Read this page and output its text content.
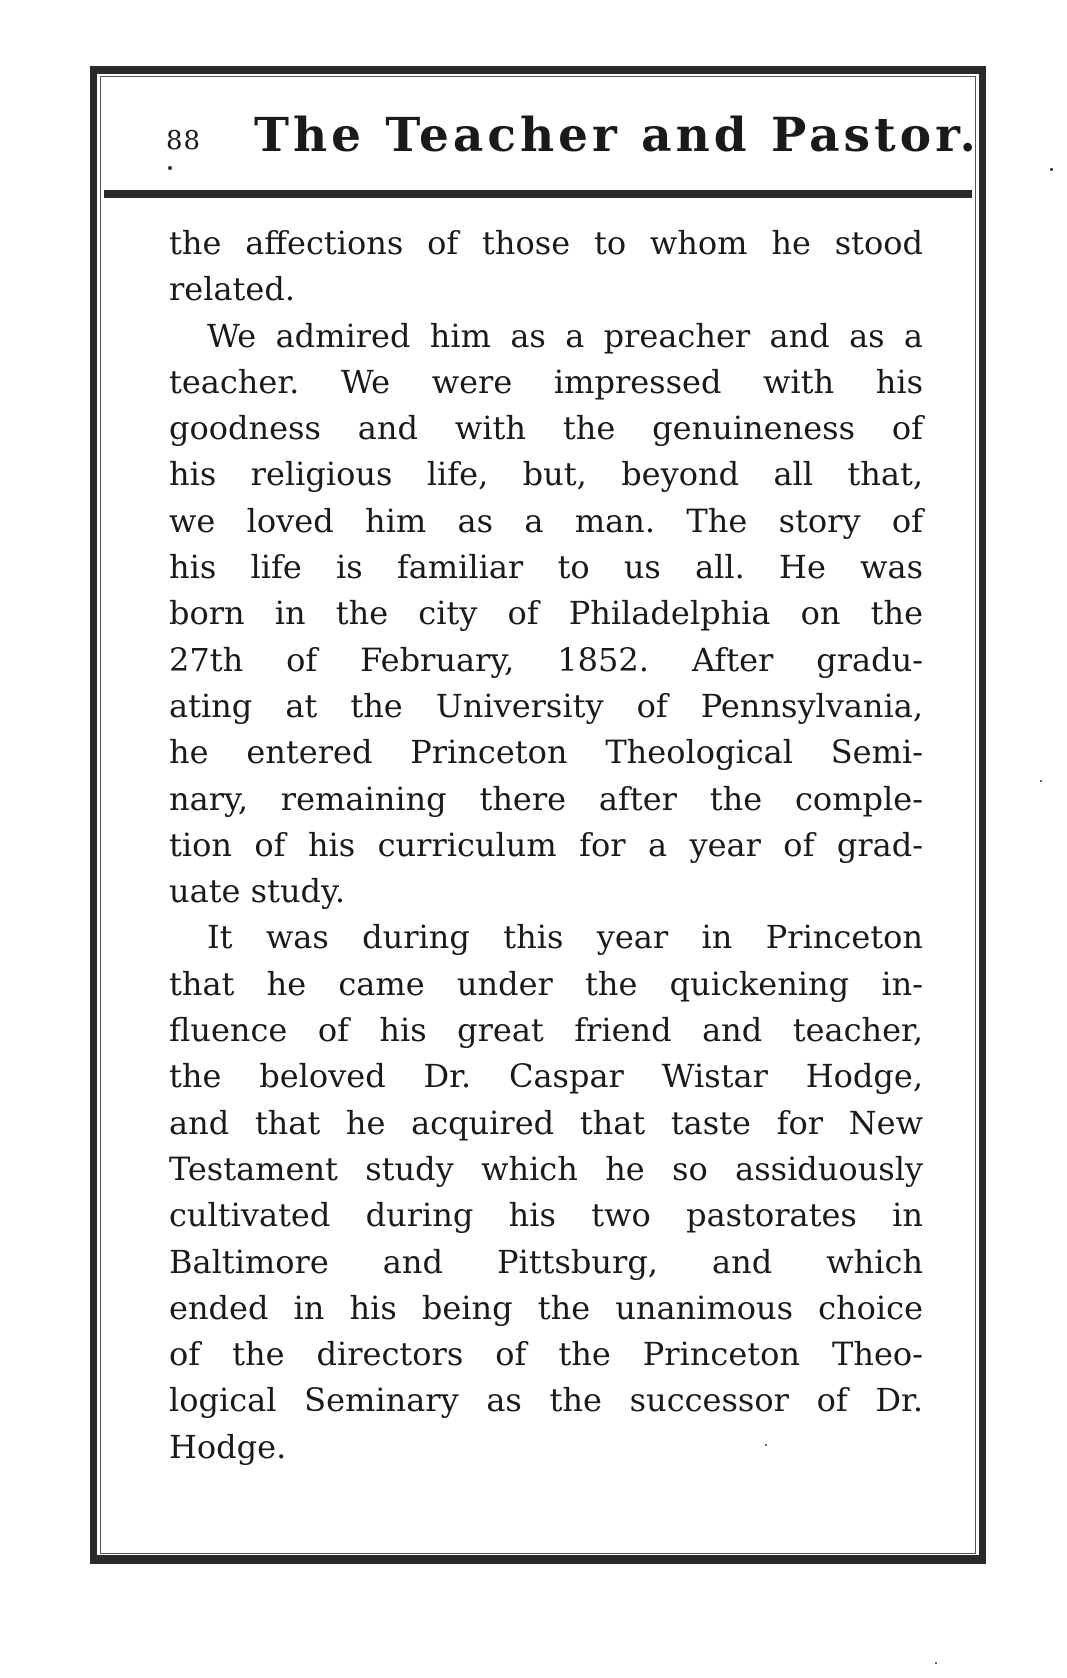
88 The Teacher and Pastor.
the affections of those to whom he stood
related.
We admired him as a preacher and as a
teacher. We were impressed with his
goodness and with the genuineness of
his religious life, but, beyond all that,
we loved him as a man. The story of
his life is familiar to us all. He was
born in the city of Philadelphia on the
27th of February, 1852. After gradu-
ating at the University of Pennsylvania,
he entered Princeton Theological Semi-
nary, remaining there after the comple-
tion of his curriculum for a year of grad-
uate study.
It was during this year in Princeton
that he came under the quickening in-
fluence of his great friend and teacher,
the beloved Dr. Caspar Wistar Hodge,
and that he acquired that taste for New
Testament study which he so assiduously
cultivated during his two pastorates in
Baltimore and Pittsburg, and which
ended in his being the unanimous choice
of the directors of the Princeton Theo-
logical Seminary as the successor of Dr.
Hodge.
